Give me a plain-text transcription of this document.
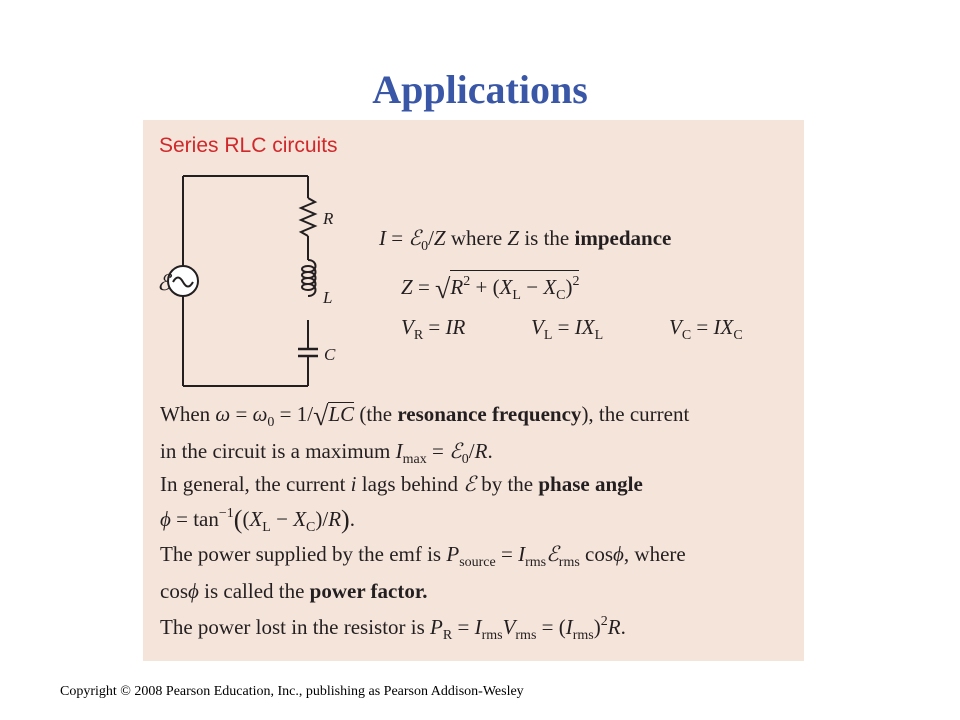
Applications
Series RLC circuits
ℰ
R
L
C
I = ℰ$_0$/Z where Z is the impedance
$Z = √R^2 + (X_L - X_C)^2$
$V_R$ = IR	$V_L = IX_L$	$V_C = IX_C$
When $\omega = \omega_0 = 1/√LC$ (the resonance frequency), the current
in the circuit is a maximum $I_{max}$ = ℰ$_0$/R.
In general, the current i lags behind ℰ by the phase angle
$\phi = \tan^{-1}((X_L - X_C)/R)$.
The power supplied by the emf is $P_{source}$ = $I_{rms}ℰ_{rms}$ cosϕ, where
cosϕ is called the power factor.
The power lost in the resistor is $P_R = I_{rms}V_{rms} = (I_{rms})^2R$.
Copyright © 2008 Pearson Education, Inc., publishing as Pearson Addison-Wesley
